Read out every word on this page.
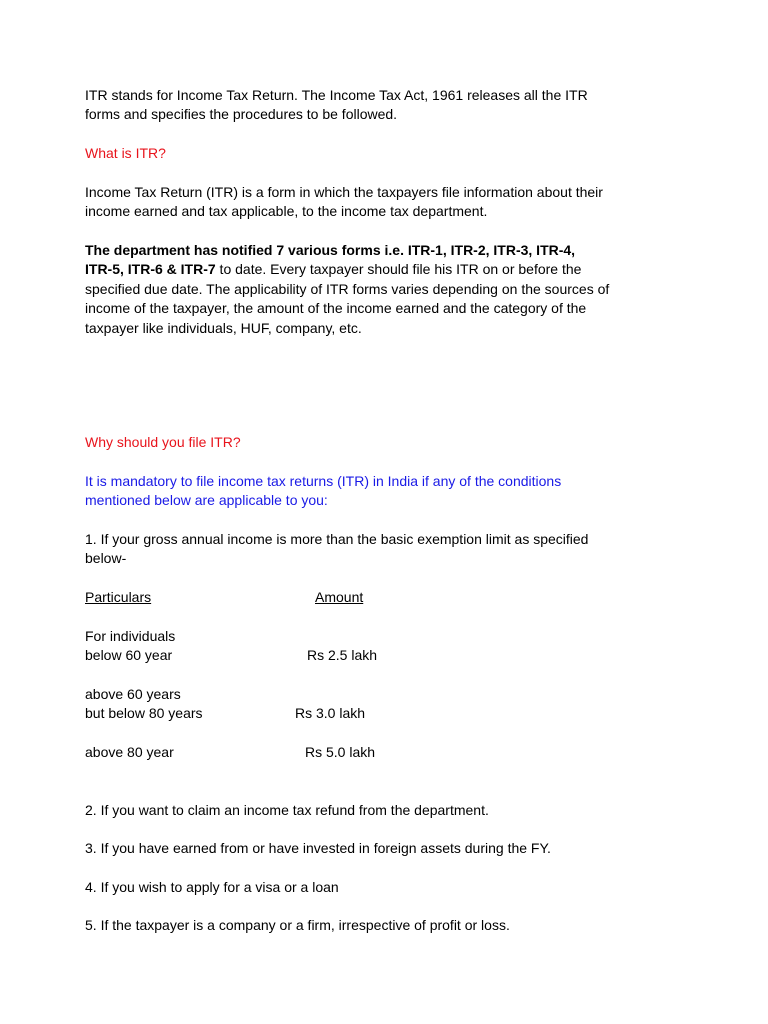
ITR stands for Income Tax Return. The Income Tax Act, 1961 releases all the ITR
forms and specifies the procedures to be followed.
What is ITR?
Income Tax Return (ITR) is a form in which the taxpayers file information about their
income earned and tax applicable, to the income tax department.
The department has notified 7 various forms i.e. ITR-1, ITR-2, ITR-3, ITR-4,
ITR-5, ITR-6 & ITR-7 to date. Every taxpayer should file his ITR on or before the
specified due date. The applicability of ITR forms varies depending on the sources of
income of the taxpayer, the amount of the income earned and the category of the
taxpayer like individuals, HUF, company, etc.
Why should you file ITR?
It is mandatory to file income tax returns (ITR) in India if any of the conditions
mentioned below are applicable to you:
1. If your gross annual income is more than the basic exemption limit as specified
below-
Particulars	Amount
For individuals
below 60 year	Rs 2.5 lakh
above 60 years
but below 80 years	Rs 3.0 lakh
above 80 year	Rs 5.0 lakh
2. If you want to claim an income tax refund from the department.
3. If you have earned from or have invested in foreign assets during the FY.
4. If you wish to apply for a visa or a loan
5. If the taxpayer is a company or a firm, irrespective of profit or loss.
